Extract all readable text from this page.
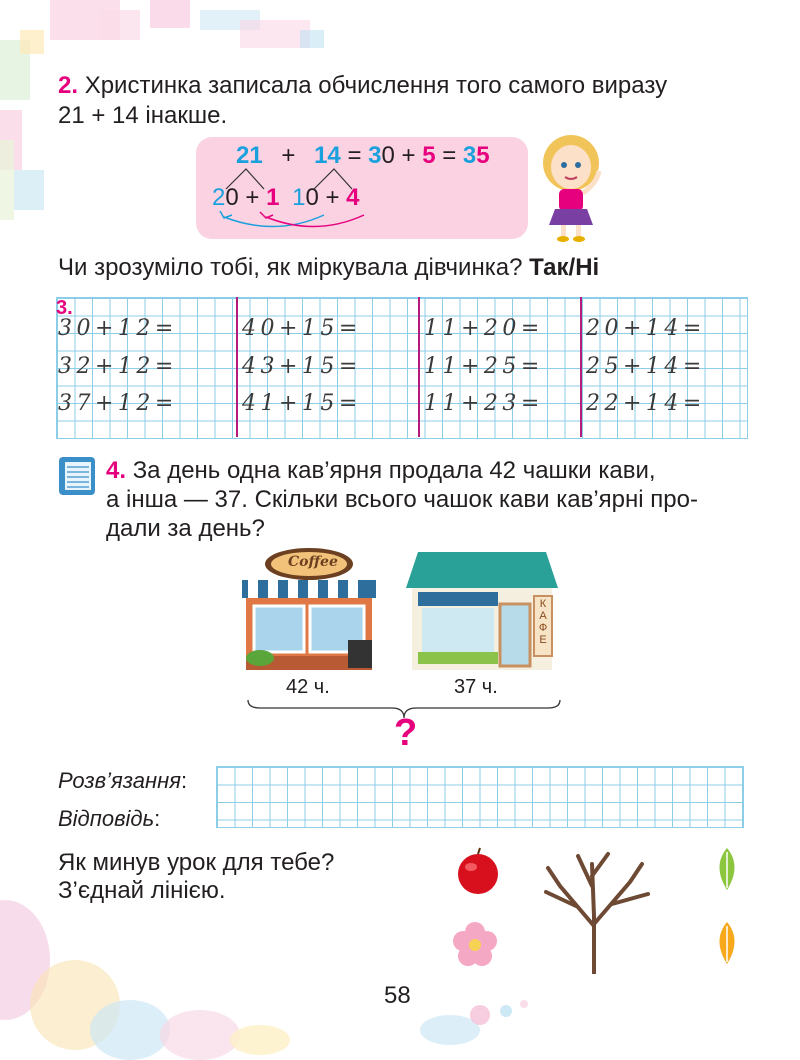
2. Христинка записала обчислення того самого виразу
21 + 14 інакше.
21 + 14 = 30 + 5 = 35
20 + 1 10 + 4
Чи зрозуміло тобі, як міркувала дівчинка? Так/Ні
3.
30+12=	40+15=	11+20= 20+14=
32+12=	43+15=	11+25= 25+14=
37+12=	41+15=	11+23= 22+14=
4. За день одна кав’ярня продала 42 чашки кави,
а інша — 37. Скільки всього чашок кави кав’ярні про-
дали за день?
Coffee
К
А
Ф
Е
42 ч.	37 ч.
?
Розв’язання:
Відповідь:
Як минув урок для тебе?
З’єднай лінією.
58
